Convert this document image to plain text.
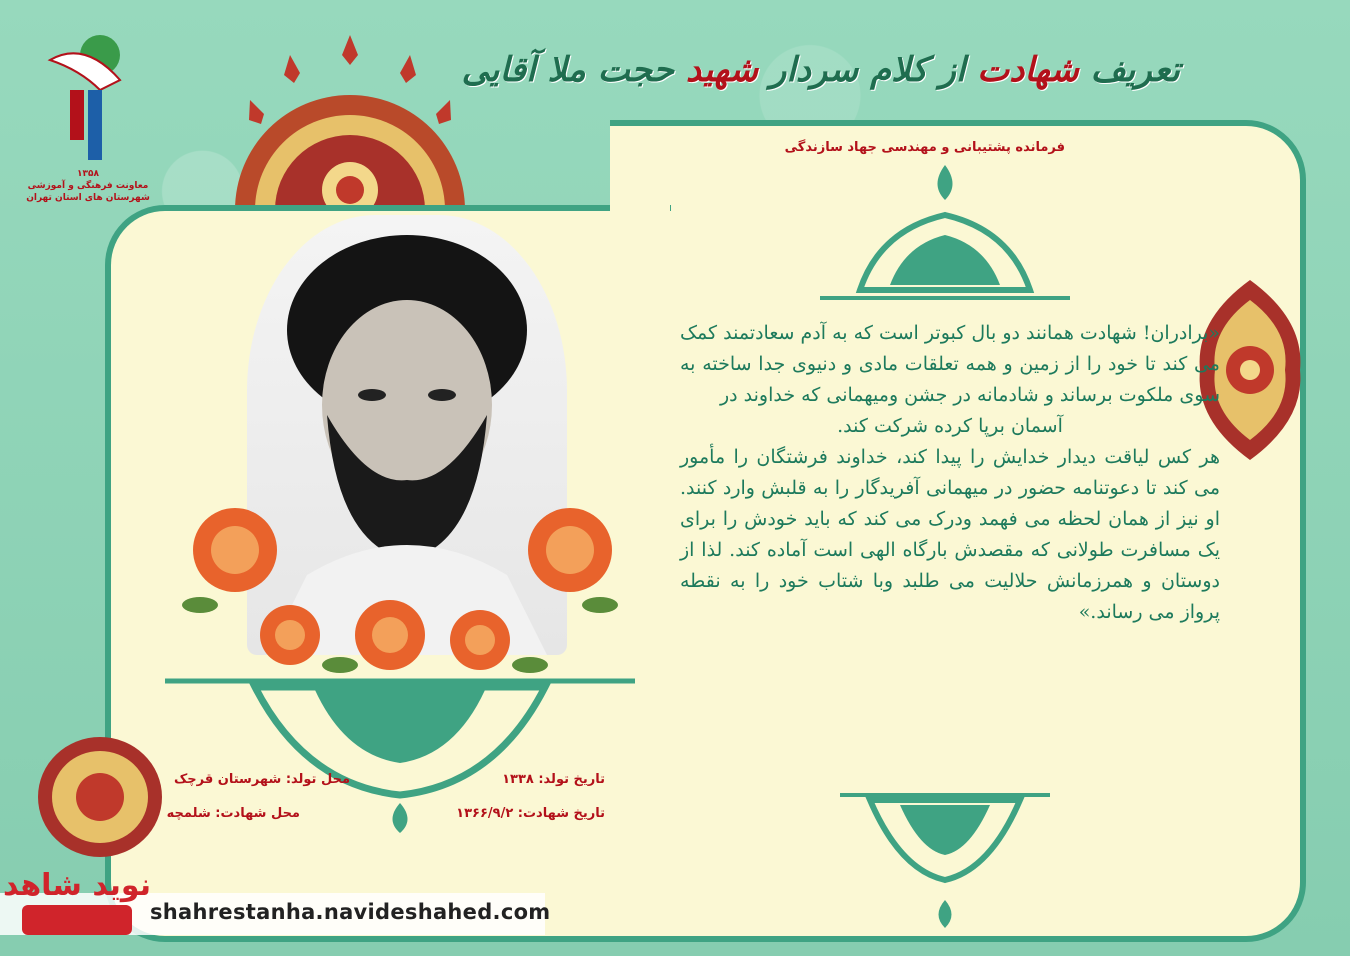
۱۳۵۸
معاونت فرهنگی و آموزشی
شهرستان های استان تهران
تعریف شهادت از کلام سردار شهید حجت ملا آقایی
فرمانده پشتیبانی و مهندسی جهاد سازندگی

«برادران! شهادت همانند دو بال کبوتر است که به آدم سعادتمند کمک می کند تا خود را از زمین و همه تعلقات مادی و دنیوی جدا ساخته به سوی ملکوت برساند و شادمانه در جشن ومیهمانی که خداوند در

آسمان برپا کرده شرکت کند.

هر کس لیاقت دیدار خدایش را پیدا کند، خداوند فرشتگان را مأمور می کند تا دعوتنامه حضور در میهمانی آفریدگار را به قلبش وارد کنند. او نیز از همان لحظه می فهمد ودرک می کند که باید خودش را برای یک مسافرت طولانی که مقصدش بارگاه الهی است آماده کند. لذا از دوستان و همرزمانش حلالیت می طلبد وبا شتاب خود را به نقطه پرواز می رساند.»

تاریخ تولد: ۱۳۳۸
محل تولد: شهرستان قرچک
تاریخ شهادت: ۱۳۶۶/۹/۲
محل شهادت: شلمچه
shahrestanha.navideshahed.com
نوید شاهد
